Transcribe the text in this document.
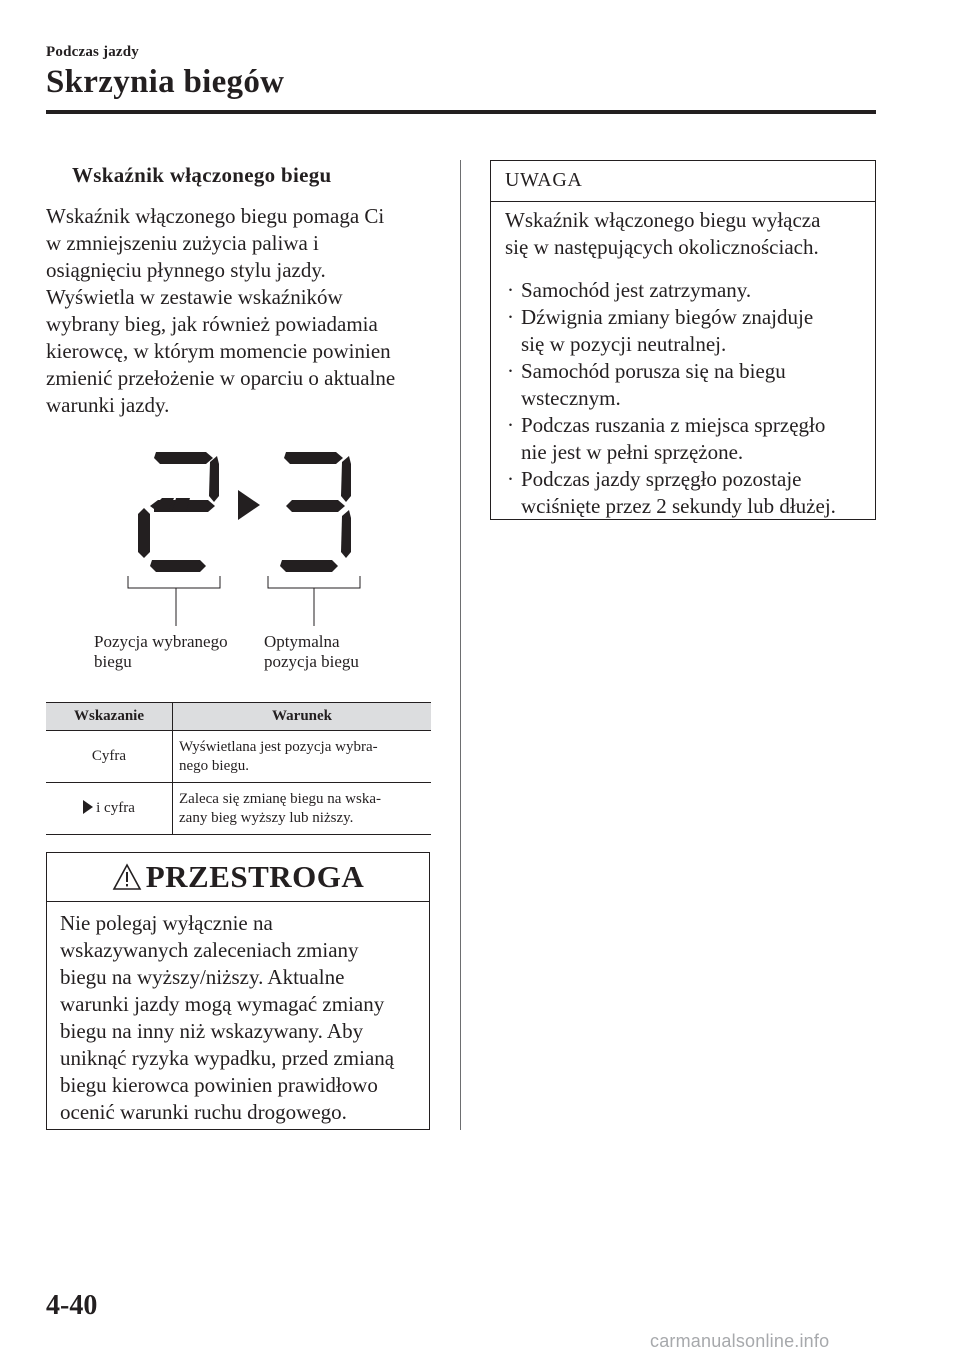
Podczas jazdy
Skrzynia biegów
Wskaźnik włączonego biegu
Wskaźnik włączonego biegu pomaga Ci
w zmniejszeniu zużycia paliwa i
osiągnięciu płynnego stylu jazdy.
Wyświetla w zestawie wskaźników
wybrany bieg, jak również powiadamia
kierowcę, w którym momencie powinien
zmienić przełożenie w oparciu o aktualne
warunki jazdy.
Pozycja wybranego
biegu
Optymalna
pozycja biegu
Wskazanie	Warunek
Cyfra	Wyświetlana jest pozycja wybra-
nego biegu.
i cyfra	Zaleca się zmianę biegu na wska-
zany bieg wyższy lub niższy.
PRZESTROGA
Nie polegaj wyłącznie na
wskazywanych zaleceniach zmiany
biegu na wyższy/niższy. Aktualne
warunki jazdy mogą wymagać zmiany
biegu na inny niż wskazywany. Aby
uniknąć ryzyka wypadku, przed zmianą
biegu kierowca powinien prawidłowo
ocenić warunki ruchu drogowego.
UWAGA
Wskaźnik włączonego biegu wyłącza
się w następujących okolicznościach.
· Samochód jest zatrzymany.
· Dźwignia zmiany biegów znajduje
się w pozycji neutralnej.
· Samochód porusza się na biegu
wstecznym.
· Podczas ruszania z miejsca sprzęgło
nie jest w pełni sprzężone.
· Podczas jazdy sprzęgło pozostaje
wciśnięte przez 2 sekundy lub dłużej.
4-40
carmanualsonline.info
